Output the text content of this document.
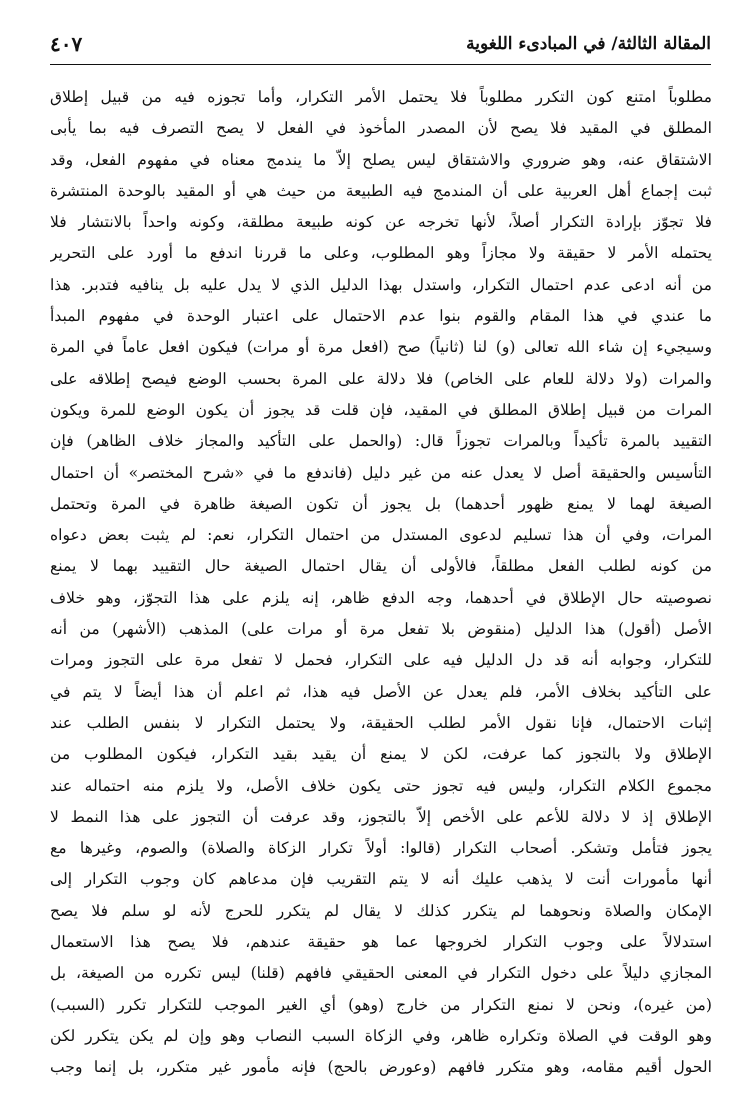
المقالة الثالثة/ في المبادىء اللغوية
٤٠٧
مطلوباً امتنع كون التكرر مطلوباً فلا يحتمل الأمر التكرار، وأما تجوزه فيه من قبيل إطلاق
المطلق في المقيد فلا يصح لأن المصدر المأخوذ في الفعل لا يصح التصرف فيه بما يأبى
الاشتقاق عنه، وهو ضروري والاشتقاق ليس يصلح إلاّ ما يندمج معناه في مفهوم الفعل، وقد
ثبت إجماع أهل العربية على أن المندمج فيه الطبيعة من حيث هي أو المقيد بالوحدة المنتشرة
فلا تجوّز بإرادة التكرار أصلاً، لأنها تخرجه عن كونه طبيعة مطلقة، وكونه واحداً بالانتشار فلا
يحتمله الأمر لا حقيقة ولا مجازاً وهو المطلوب، وعلى ما قررنا اندفع ما أورد على التحرير
من أنه ادعى عدم احتمال التكرار، واستدل بهذا الدليل الذي لا يدل عليه بل ينافيه فتدبر. هذا
ما عندي في هذا المقام والقوم بنوا عدم الاحتمال على اعتبار الوحدة في مفهوم المبدأ
وسيجيء إن شاء الله تعالى (و) لنا (ثانياً) صح (افعل مرة أو مرات) فيكون افعل عاماً في المرة
والمرات (ولا دلالة للعام على الخاص) فلا دلالة على المرة بحسب الوضع فيصح إطلاقه على
المرات من قبيل إطلاق المطلق في المقيد، فإن قلت قد يجوز أن يكون الوضع للمرة ويكون
التقييد بالمرة تأكيداً وبالمرات تجوزاً قال: (والحمل على التأكيد والمجاز خلاف الظاهر) فإن
التأسيس والحقيقة أصل لا يعدل عنه من غير دليل (فاندفع ما في «شرح المختصر» أن احتمال
الصيغة لهما لا يمنع ظهور أحدهما) بل يجوز أن تكون الصيغة ظاهرة في المرة وتحتمل
المرات، وفي أن هذا تسليم لدعوى المستدل من احتمال التكرار، نعم: لم يثبت بعض دعواه
من كونه لطلب الفعل مطلقاً، فالأولى أن يقال احتمال الصيغة حال التقييد بهما لا يمنع
نصوصيته حال الإطلاق في أحدهما، وجه الدفع ظاهر، إنه يلزم على هذا التجوّز، وهو خلاف
الأصل (أقول) هذا الدليل (منقوض بلا تفعل مرة أو مرات على) المذهب (الأشهر) من أنه
للتكرار، وجوابه أنه قد دل الدليل فيه على التكرار، فحمل لا تفعل مرة على التجوز ومرات
على التأكيد بخلاف الأمر، فلم يعدل عن الأصل فيه هذا، ثم اعلم أن هذا أيضاً لا يتم في
إثبات الاحتمال، فإنا نقول الأمر لطلب الحقيقة، ولا يحتمل التكرار لا بنفس الطلب عند
الإطلاق ولا بالتجوز كما عرفت، لكن لا يمنع أن يقيد بقيد التكرار، فيكون المطلوب من
مجموع الكلام التكرار، وليس فيه تجوز حتى يكون خلاف الأصل، ولا يلزم منه احتماله عند
الإطلاق إذ لا دلالة للأعم على الأخص إلاّ بالتجوز، وقد عرفت أن التجوز على هذا النمط لا
يجوز فتأمل وتشكر. أصحاب التكرار (قالوا: أولاً تكرار الزكاة والصلاة) والصوم، وغيرها مع
أنها مأمورات أنت لا يذهب عليك أنه لا يتم التقريب فإن مدعاهم كان وجوب التكرار إلى
الإمكان والصلاة ونحوهما لم يتكرر كذلك لا يقال لم يتكرر للحرج لأنه لو سلم فلا يصح
استدلالاً على وجوب التكرار لخروجها عما هو حقيقة عندهم، فلا يصح هذا الاستعمال
المجازي دليلاً على دخول التكرار في المعنى الحقيقي فافهم (قلنا) ليس تكرره من الصيغة، بل
(من غيره)، ونحن لا نمنع التكرار من خارج (وهو) أي الغير الموجب للتكرار تكرر (السبب)
وهو الوقت في الصلاة وتكراره ظاهر، وفي الزكاة السبب النصاب وهو وإن لم يكن يتكرر لكن
الحول أقيم مقامه، وهو متكرر فافهم (وعورض بالحج) فإنه مأمور غير متكرر، بل إنما وجب
